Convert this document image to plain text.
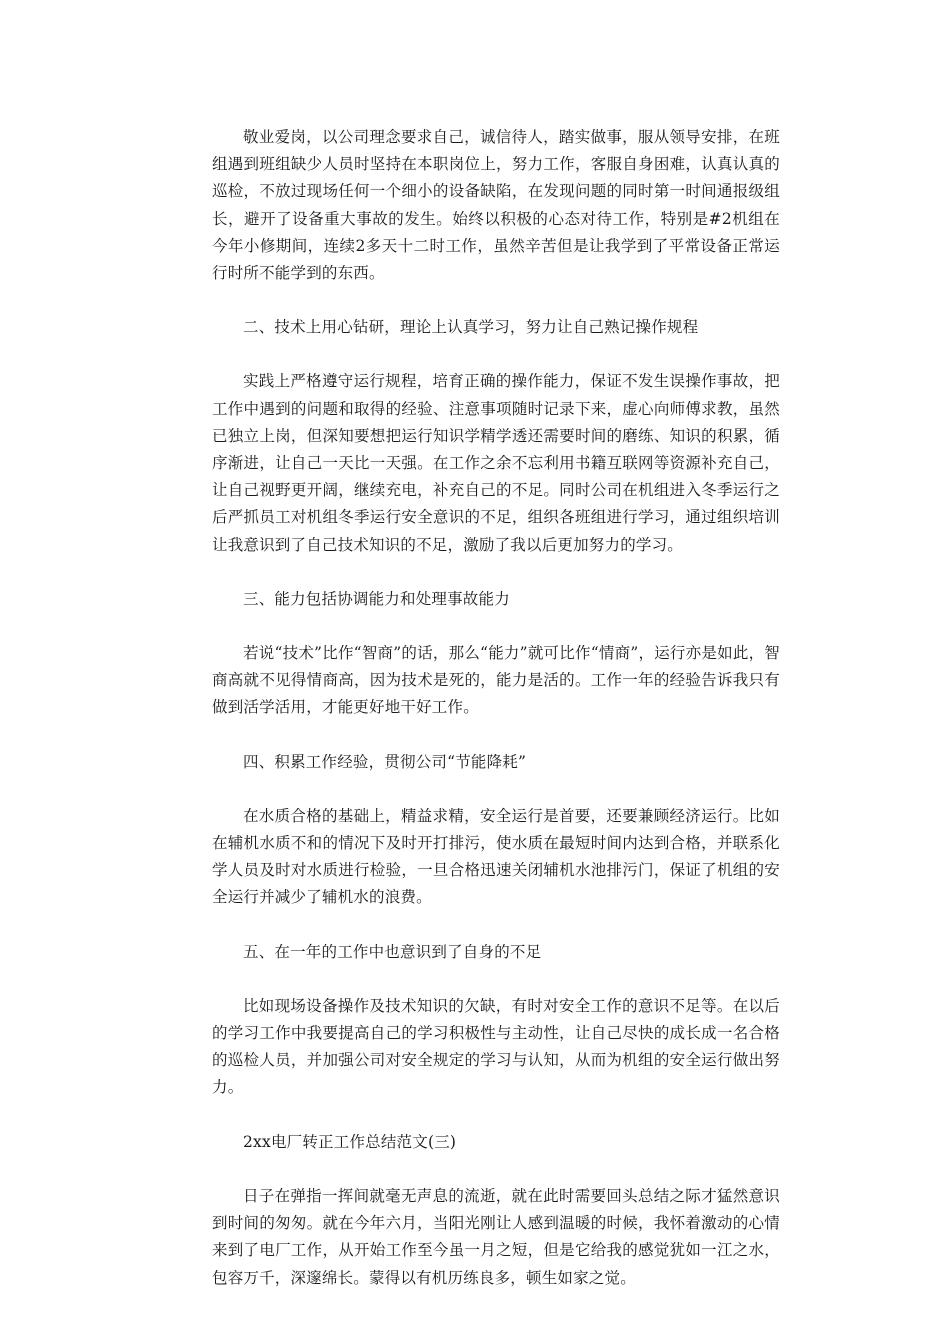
敬业爱岗，以公司理念要求自己，诚信待人，踏实做事，服从领导安排，在班组遇到班组缺少人员时坚持在本职岗位上，努力工作，客服自身困难，认真认真的巡检，不放过现场任何一个细小的设备缺陷，在发现问题的同时第一时间通报级组长，避开了设备重大事故的发生。始终以积极的心态对待工作，特别是#2机组在今年小修期间，连续2多天十二时工作，虽然辛苦但是让我学到了平常设备正常运行时所不能学到的东西。

二、技术上用心钻研，理论上认真学习，努力让自己熟记操作规程

实践上严格遵守运行规程，培育正确的操作能力，保证不发生误操作事故，把工作中遇到的问题和取得的经验、注意事项随时记录下来，虚心向师傅求教，虽然已独立上岗，但深知要想把运行知识学精学透还需要时间的磨练、知识的积累，循序渐进，让自己一天比一天强。在工作之余不忘利用书籍互联网等资源补充自己，让自己视野更开阔，继续充电，补充自己的不足。同时公司在机组进入冬季运行之后严抓员工对机组冬季运行安全意识的不足，组织各班组进行学习，通过组织培训让我意识到了自己技术知识的不足，激励了我以后更加努力的学习。

三、能力包括协调能力和处理事故能力

若说“技术”比作“智商”的话，那么“能力”就可比作“情商”，运行亦是如此，智商高就不见得情商高，因为技术是死的，能力是活的。工作一年的经验告诉我只有做到活学活用，才能更好地干好工作。

四、积累工作经验，贯彻公司“节能降耗”

在水质合格的基础上，精益求精，安全运行是首要，还要兼顾经济运行。比如在辅机水质不和的情况下及时开打排污，使水质在最短时间内达到合格，并联系化学人员及时对水质进行检验，一旦合格迅速关闭辅机水池排污门，保证了机组的安全运行并减少了辅机水的浪费。

五、在一年的工作中也意识到了自身的不足

比如现场设备操作及技术知识的欠缺，有时对安全工作的意识不足等。在以后的学习工作中我要提高自己的学习积极性与主动性，让自己尽快的成长成一名合格的巡检人员，并加强公司对安全规定的学习与认知，从而为机组的安全运行做出努力。

2xx电厂转正工作总结范文(三)

日子在弹指一挥间就毫无声息的流逝，就在此时需要回头总结之际才猛然意识到时间的匆匆。就在今年六月，当阳光刚让人感到温暖的时候，我怀着激动的心情来到了电厂工作，从开始工作至今虽一月之短，但是它给我的感觉犹如一江之水，包容万千，深邃绵长。蒙得以有机历练良多，顿生如家之觉。
